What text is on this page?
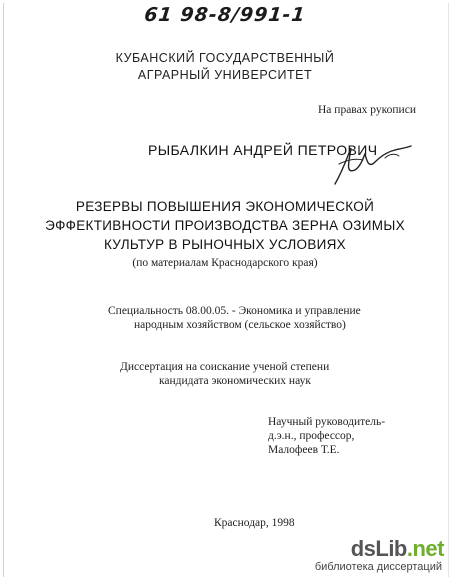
61 98-8/991-1
КУБАНСКИЙ ГОСУДАРСТВЕННЫЙ
АГРАРНЫЙ УНИВЕРСИТЕТ
На правах рукописи
РЫБАЛКИН АНДРЕЙ ПЕТРОВИЧ
РЕЗЕРВЫ ПОВЫШЕНИЯ ЭКОНОМИЧЕСКОЙ
ЭФФЕКТИВНОСТИ ПРОИЗВОДСТВА ЗЕРНА ОЗИМЫХ
КУЛЬТУР В РЫНОЧНЫХ УСЛОВИЯХ
(по материалам Краснодарского края)
Специальность 08.00.05. - Экономика и управление
народным хозяйством (сельское хозяйство)
Диссертация на соискание ученой степени
кандидата экономических наук
Научный руководитель-
д.э.н., профессор,
Малофеев Т.Е.
Краснодар, 1998
dsLib.net
библиотека диссертаций
